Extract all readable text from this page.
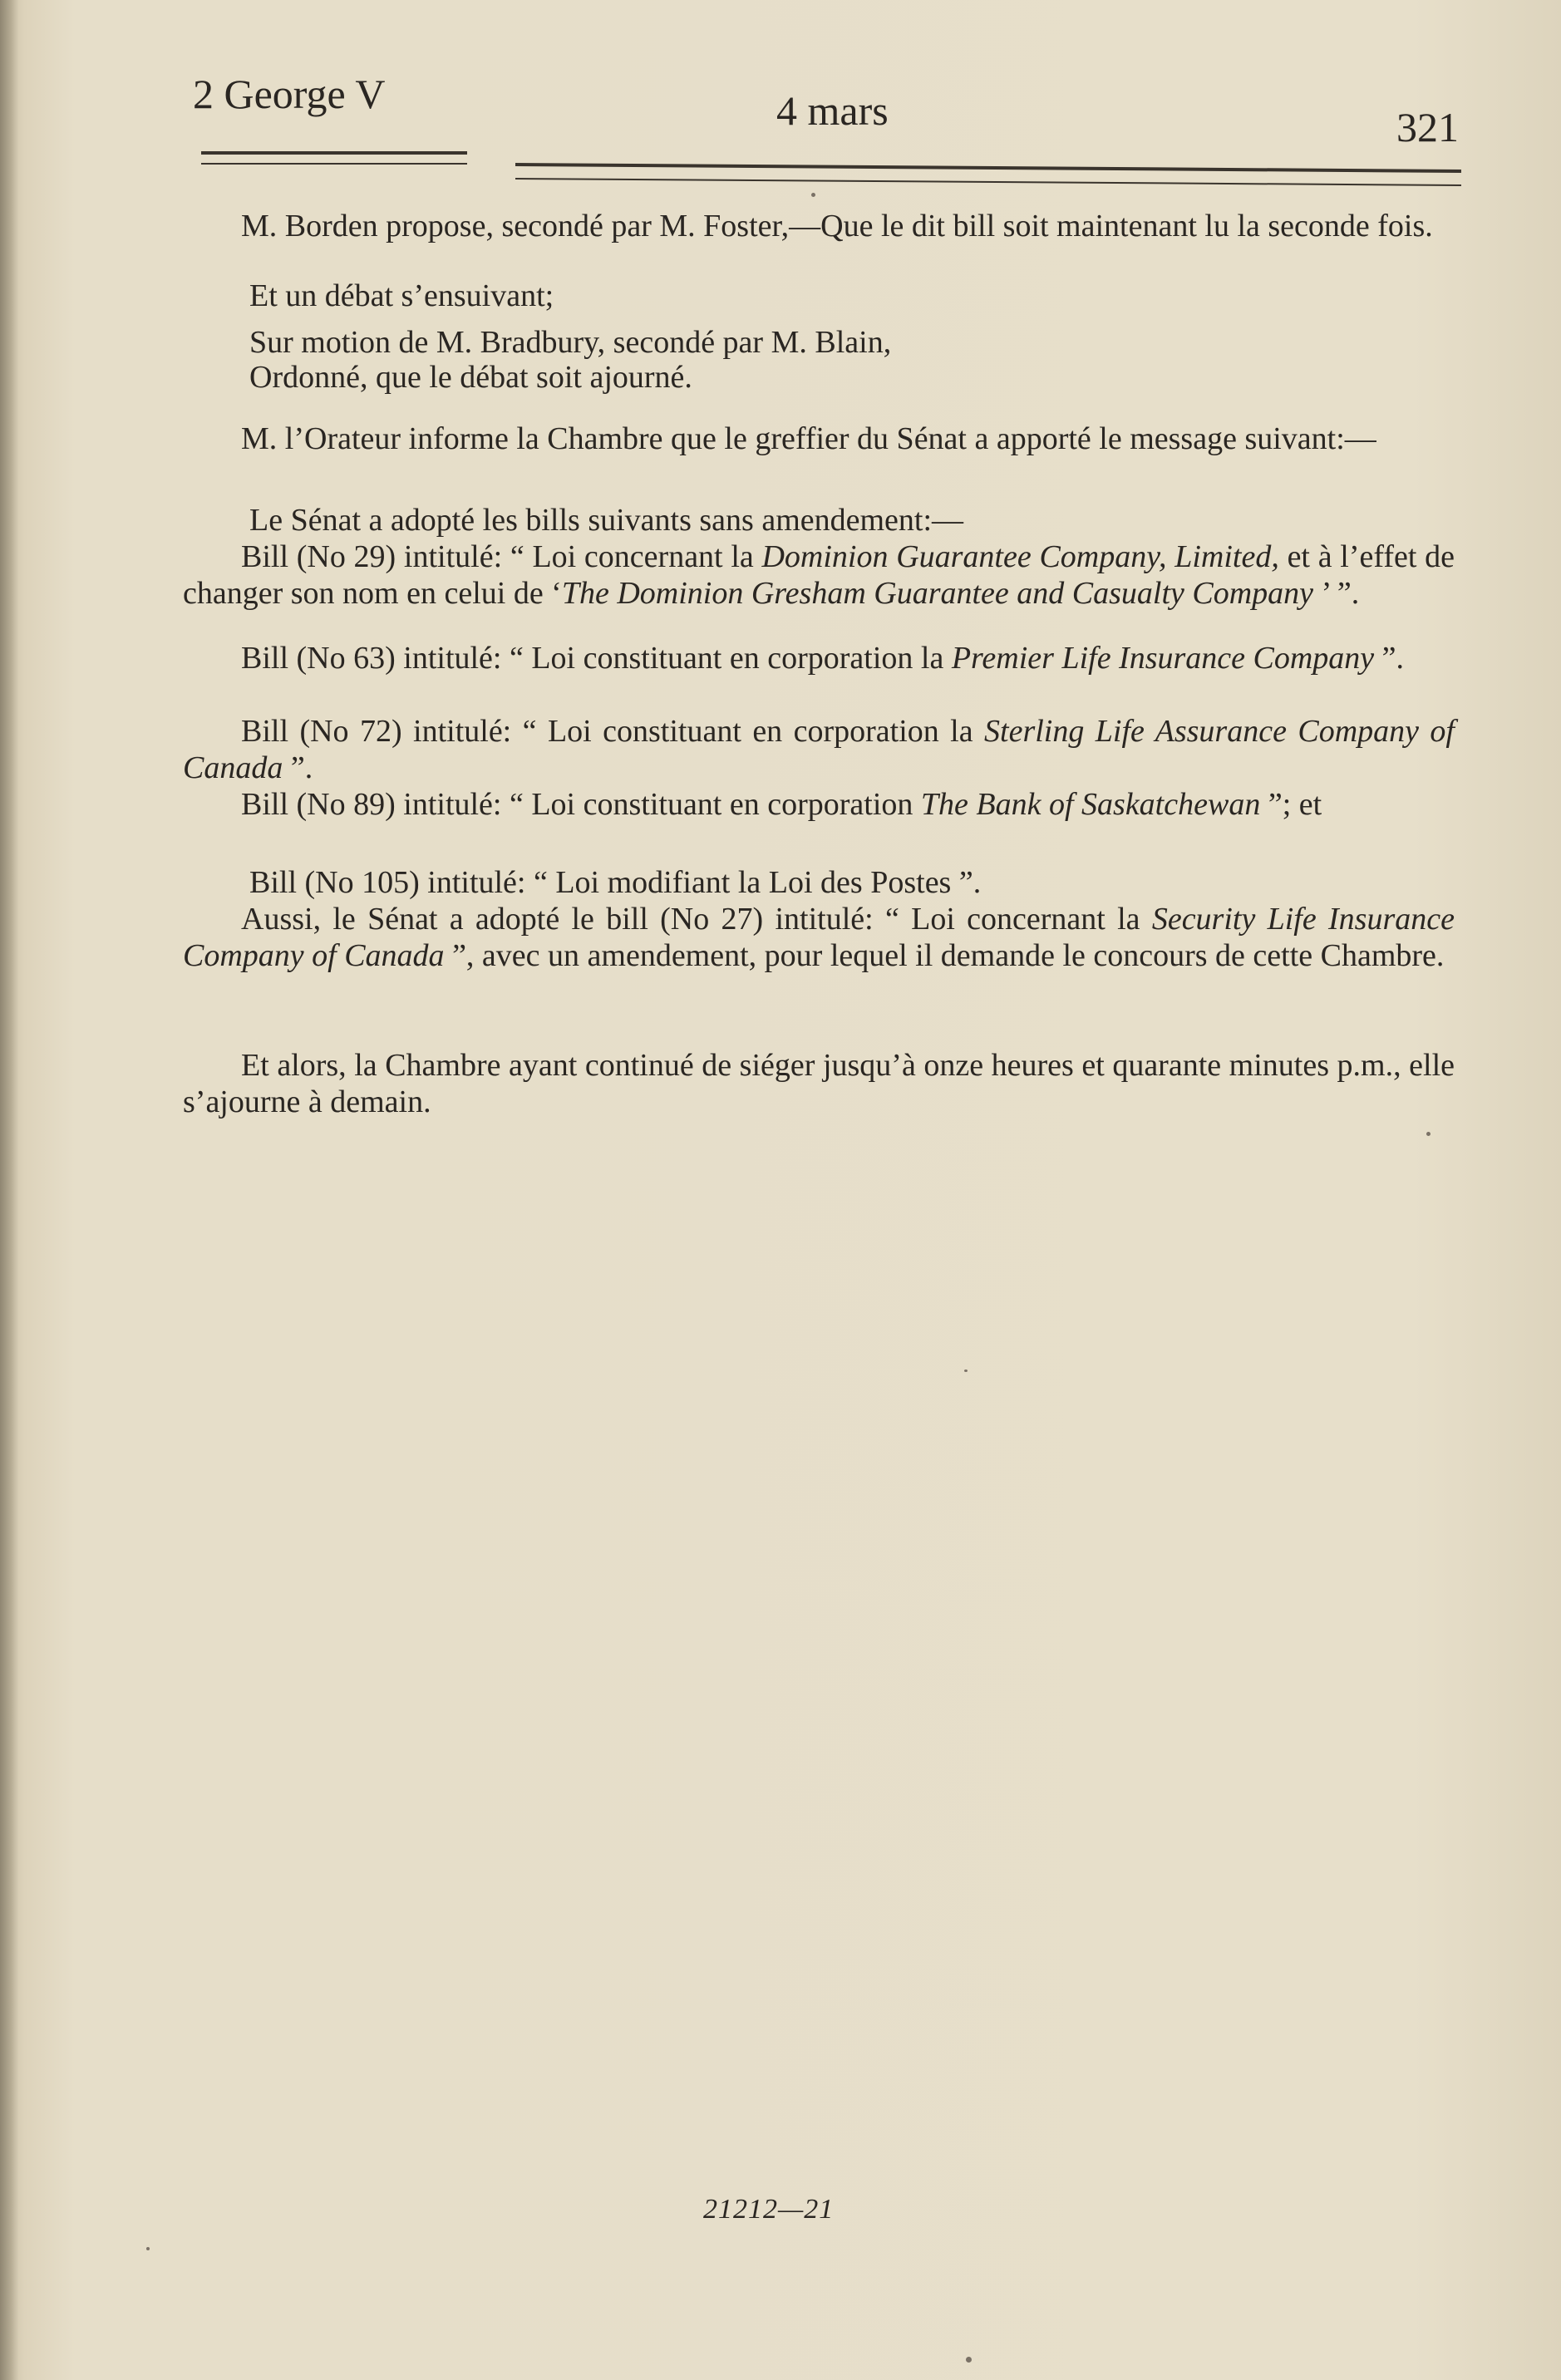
2 George V	4 mars	321

M. Borden propose, secondé par M. Foster,—Que le dit bill soit maintenant lu la seconde fois.

Et un débat s’ensuivant;
Sur motion de M. Bradbury, secondé par M. Blain,
Ordonné, que le débat soit ajourné.

M. l’Orateur informe la Chambre que le greffier du Sénat a apporté le message suivant:—

Le Sénat a adopté les bills suivants sans amendement:—

Bill (No 29) intitulé: “ Loi concernant la Dominion Guarantee Company, Limited, et à l’effet de changer son nom en celui de ‘The Dominion Gresham Guarantee and Casualty Company ’ ”.

Bill (No 63) intitulé: “ Loi constituant en corporation la Premier Life Insurance Company ”.

Bill (No 72) intitulé: “ Loi constituant en corporation la Sterling Life Assurance Company of Canada ”.

Bill (No 89) intitulé: “ Loi constituant en corporation The Bank of Saskatchewan ”; et

Bill (No 105) intitulé: “ Loi modifiant la Loi des Postes ”.

Aussi, le Sénat a adopté le bill (No 27) intitulé: “ Loi concernant la Security Life Insurance Company of Canada ”, avec un amendement, pour lequel il demande le concours de cette Chambre.

Et alors, la Chambre ayant continué de siéger jusqu’à onze heures et quarante minutes p.m., elle s’ajourne à demain.

21212—21
